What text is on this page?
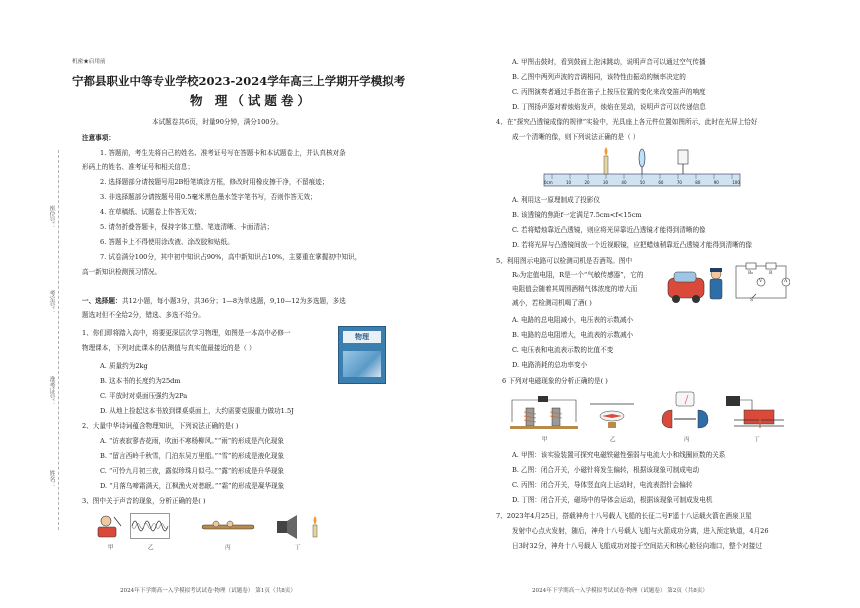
座位号：
考室号：
准考证号：
姓名：
机密★启用前
宁都县职业中等专业学校2023-2024学年高三上学期开学模拟考
物 理（试题卷）
本试题卷共6页，时量90分钟，满分100分。
注意事项：
1. 答题前，考生先将自己的姓名、准考证号写在答题卡和本试题卷上，并认真核对条
形码上的姓名、准考证号和相关信息；
2. 选择题部分请按题号用2B铅笔填涂方框，修改时用橡皮擦干净，不留痕迹；
3. 非选择题部分请按题号用0.5毫米黑色墨水签字笔书写，否则作答无效；
4. 在草稿纸、试题卷上作答无效；
5. 请勿折叠答题卡，保持字体工整、笔迹清晰、卡面清洁；
6. 答题卡上不得使用涂改液、涂改胶和贴纸。
7. 试卷满分100分，其中初中知识占90%，高中新知识占10%，主要重在掌握初中知识，
高一新知识检测预习情况。
一、选择题： 共12小题，每小题3分，共36分；1—8为单选题，9,10—12为多选题，多选
题选对但不全给2分，错选、多选不给分。
1、你们即将踏入高中，将要更深层次学习物理，如图是一本高中必修一
物理课本，下列对此课本的估测值与真实值最接近的是（ ）
物理
A. 质量约为2kg
B. 这本书的长度约为25dm
C. 平放时对桌面压强约为2Pa
D. 从地上捡起这本书放到课桌桌面上，大约需要克服重力做功1.5J
2、大量中华诗词蕴含物理知识，下列说法正确的是( )
A. “访表寂寥杏花雨，吹面不寒杨柳风。”“雨”的形成是汽化现象
B. “留言西岭千秋雪，门泊东吴万里船。”“雪”的形成是液化现象
C. “可怜九月初三夜，露似珍珠月似弓。”“露”的形成是升华现象
D. “月落乌啼霜满天，江枫渔火对愁眠。”“霜”的形成是凝华现象
3、图中关于声音的现象，分析正确的是( )
甲	乙	丙	丁
2024年下学期高一入学模拟考试试卷·物理（试题卷） 第1页（共8页）
A. 甲图击鼓时，看到鼓面上泡沫跳动，说明声音可以通过空气传播
B. 乙图中两列声波的音调相同，该特性由振动的频率决定的
C. 丙图演奏者通过手指在笛子上按压位置的变化来改变笛声的响度
D. 丁图扬声器对着烛焰发声，烛焰在晃动，说明声音可以传递信息
4、在“探究凸透镜成像的规律”实验中，光具座上各元件位置如图所示，此时在光屏上恰好
成一个清晰的像，则下列说法正确的是（ ）
0cm	10	20	30	40	50	60	70	80	90	100
A. 利用这一原理制成了投影仪
B. 该透镜的焦距f一定满足7.5cm<f<15cm
C. 若将蜡烛靠近凸透镜，则应将光屏靠近凸透镜才能得到清晰的像
D. 若将光屏与凸透镜间放一个近视眼镜，应把蜡烛稍靠近凸透镜才能得到清晰的像
5、利用图示电路可以检测司机是否酒驾。图中
R₀为定值电阻，R是一个“气敏传感器”，它的
电阻值会随着其周围酒精气体浓度的增大而
减小，若检测司机喝了酒( )
R₀	R
V	A
S
A. 电路的总电阻减小，电压表的示数减小
B. 电路的总电阻增大，电流表的示数减小
C. 电压表和电流表示数的比值不变
D. 电路消耗的总功率变小
6 下列对电磁现象的分析正确的是( )
甲	乙	丙	丁
A. 甲图：该实验装置可探究电磁铁磁性强弱与电流大小和线圈匝数的关系
B. 乙图：闭合开关，小磁针将发生偏转，根据该现象可制成电动
C. 丙图：闭合开关，导体竖直向上运动时，电流表指针会偏转
D. 丁图：闭合开关，磁场中的导体会运动，根据该现象可制成发电机
7、2023年4月25日，搭载神舟十八号载人飞船的长征二号F遥十八运载火箭在酒泉卫星
发射中心点火发射，随后，神舟十八号载人飞船与火箭成功分离，进入预定轨道，4月26
日3时32分，神舟十八号载人飞船成功对接于空间站天和核心舱径向端口，整个对接过
2024年下学期高一入学模拟考试试卷·物理（试题卷） 第2页（共8页）
